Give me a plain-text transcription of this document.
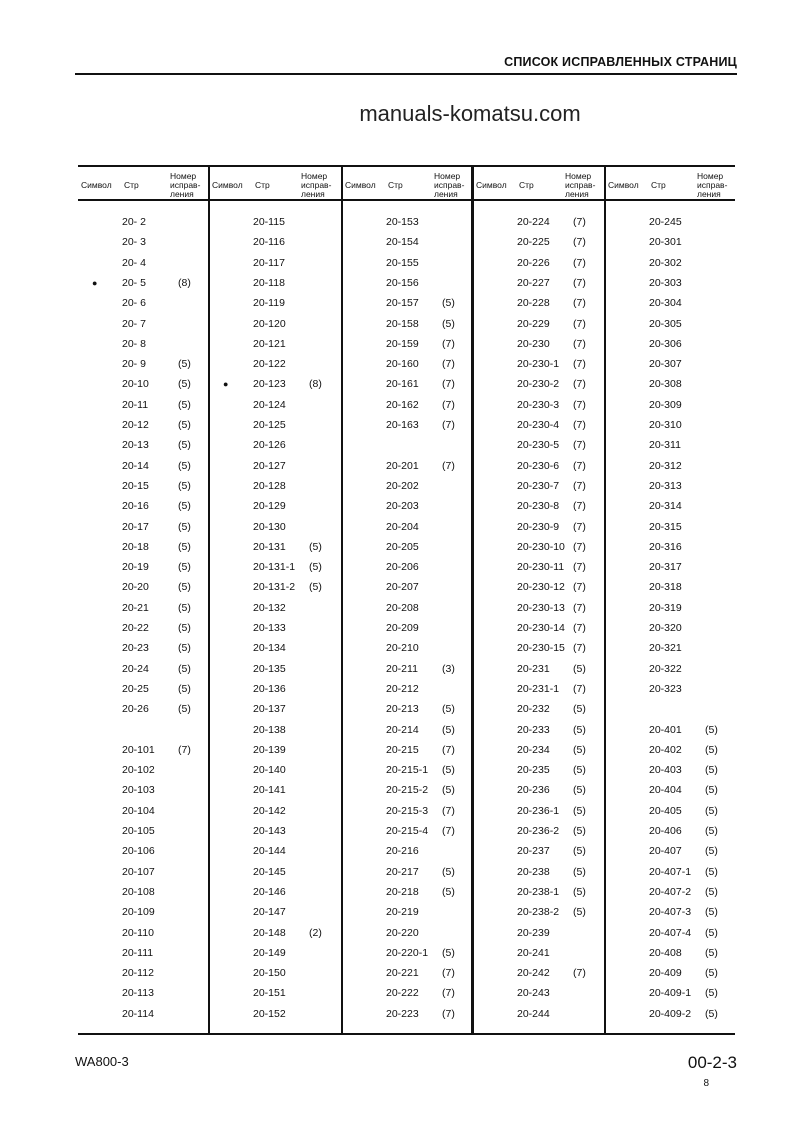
СПИСОК ИСПРАВЛЕННЫХ СТРАНИЦ
manuals-komatsu.com
Символ Стр
Номер
исправ-
ления
20- 2
20- 3
20- 4
● 20- 5	(8)
20- 6
20- 7
20- 8
20- 9	(5)
20-10	(5)
20-11	(5)
20-12	(5)
20-13	(5)
20-14	(5)
20-15	(5)
20-16	(5)
20-17	(5)
20-18	(5)
20-19	(5)
20-20	(5)
20-21	(5)
20-22	(5)
20-23	(5)
20-24	(5)
20-25	(5)
20-26	(5)
20-101 (7)
20-102
20-103
20-104
20-105
20-106
20-107
20-108
20-109
20-110
20-111
20-112
20-113
20-114
Символ Стр
Номер
исправ-
ления
20-115
20-116
20-117
20-118
20-119
20-120
20-121
20-122
● 20-123 (8)
20-124
20-125
20-126
20-127
20-128
20-129
20-130
20-131 (5)
20-131-1 (5)
20-131-2 (5)
20-132
20-133
20-134
20-135
20-136
20-137
20-138
20-139
20-140
20-141
20-142
20-143
20-144
20-145
20-146
20-147
20-148 (2)
20-149
20-150
20-151
20-152
Символ Стр
Номер
исправ-
ления
20-153
20-154
20-155
20-156
20-157 (5)
20-158 (5)
20-159 (7)
20-160 (7)
20-161 (7)
20-162 (7)
20-163 (7)
20-201 (7)
20-202
20-203
20-204
20-205
20-206
20-207
20-208
20-209
20-210
20-211 (3)
20-212
20-213 (5)
20-214 (5)
20-215 (7)
20-215-1 (5)
20-215-2 (5)
20-215-3 (7)
20-215-4 (7)
20-216
20-217 (5)
20-218 (5)
20-219
20-220
20-220-1 (5)
20-221 (7)
20-222 (7)
20-223 (7)
Символ Стр
Номер
исправ-
ления
20-224 (7)
20-225 (7)
20-226 (7)
20-227 (7)
20-228 (7)
20-229 (7)
20-230 (7)
20-230-1 (7)
20-230-2 (7)
20-230-3 (7)
20-230-4 (7)
20-230-5 (7)
20-230-6 (7)
20-230-7 (7)
20-230-8 (7)
20-230-9 (7)
20-230-10 (7)
20-230-11 (7)
20-230-12 (7)
20-230-13 (7)
20-230-14 (7)
20-230-15 (7)
20-231 (5)
20-231-1 (7)
20-232 (5)
20-233 (5)
20-234 (5)
20-235 (5)
20-236 (5)
20-236-1 (5)
20-236-2 (5)
20-237 (5)
20-238 (5)
20-238-1 (5)
20-238-2 (5)
20-239
20-241
20-242 (7)
20-243
20-244
Символ Стр
Номер
исправ-
ления
20-245
20-301
20-302
20-303
20-304
20-305
20-306
20-307
20-308
20-309
20-310
20-311
20-312
20-313
20-314
20-315
20-316
20-317
20-318
20-319
20-320
20-321
20-322
20-323
20-401 (5)
20-402 (5)
20-403 (5)
20-404 (5)
20-405 (5)
20-406 (5)
20-407 (5)
20-407-1 (5)
20-407-2 (5)
20-407-3 (5)
20-407-4 (5)
20-408 (5)
20-409 (5)
20-409-1 (5)
20-409-2 (5)
WA800-3	00-2-3
8
